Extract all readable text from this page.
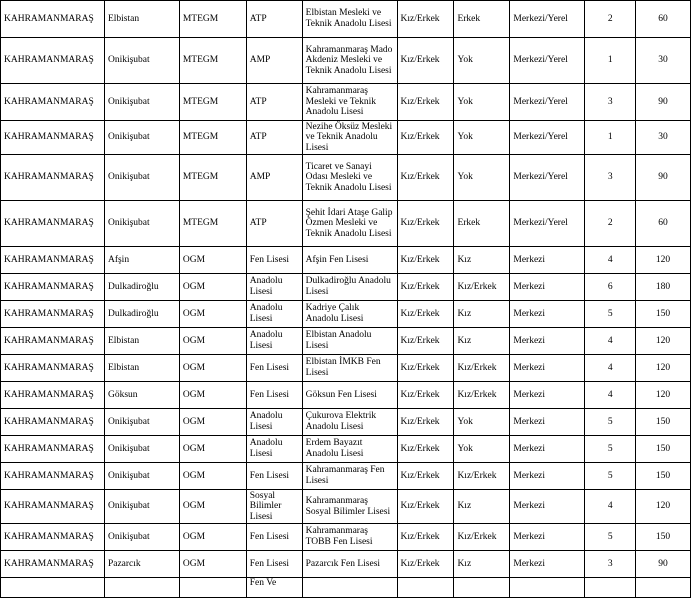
KAHRAMANMARAŞ	Elbistan	MTEGM	ATP	Elbistan Mesleki ve Teknik Anadolu Lisesi	Kız/Erkek	Erkek	Merkezi/Yerel	2	60
KAHRAMANMARAŞ	Onikişubat	MTEGM	AMP	Kahramanmaraş Mado Akdeniz Mesleki ve Teknik Anadolu Lisesi	Kız/Erkek	Yok	Merkezi/Yerel	1	30
KAHRAMANMARAŞ	Onikişubat	MTEGM	ATP	Kahramanmaraş Mesleki ve Teknik Anadolu Lisesi	Kız/Erkek	Yok	Merkezi/Yerel	3	90
KAHRAMANMARAŞ	Onikişubat	MTEGM	ATP	Nezihe Öksüz Mesleki ve Teknik Anadolu Lisesi	Kız/Erkek	Yok	Merkezi/Yerel	1	30
KAHRAMANMARAŞ	Onikişubat	MTEGM	AMP	Ticaret ve Sanayi Odası Mesleki ve Teknik Anadolu Lisesi	Kız/Erkek	Yok	Merkezi/Yerel	3	90
KAHRAMANMARAŞ	Onikişubat	MTEGM	ATP	Şehit İdari Ataşe Galip Özmen Mesleki ve Teknik Anadolu Lisesi	Kız/Erkek	Erkek	Merkezi/Yerel	2	60
KAHRAMANMARAŞ	Afşin	OGM	Fen Lisesi	Afşin Fen Lisesi	Kız/Erkek	Kız	Merkezi	4	120
KAHRAMANMARAŞ	Dulkadiroğlu	OGM	Anadolu Lisesi	Dulkadiroğlu Anadolu Lisesi	Kız/Erkek	Kız/Erkek	Merkezi	6	180
KAHRAMANMARAŞ	Dulkadiroğlu	OGM	Anadolu Lisesi	Kadriye Çalık Anadolu Lisesi	Kız/Erkek	Kız	Merkezi	5	150
KAHRAMANMARAŞ	Elbistan	OGM	Anadolu Lisesi	Elbistan Anadolu Lisesi	Kız/Erkek	Kız	Merkezi	4	120
KAHRAMANMARAŞ	Elbistan	OGM	Fen Lisesi	Elbistan İMKB Fen Lisesi	Kız/Erkek	Kız/Erkek	Merkezi	4	120
KAHRAMANMARAŞ	Göksun	OGM	Fen Lisesi	Göksun Fen Lisesi	Kız/Erkek	Kız/Erkek	Merkezi	4	120
KAHRAMANMARAŞ	Onikişubat	OGM	Anadolu Lisesi	Çukurova Elektrik Anadolu Lisesi	Kız/Erkek	Yok	Merkezi	5	150
KAHRAMANMARAŞ	Onikişubat	OGM	Anadolu Lisesi	Erdem Bayazıt Anadolu Lisesi	Kız/Erkek	Yok	Merkezi	5	150
KAHRAMANMARAŞ	Onikişubat	OGM	Fen Lisesi	Kahramanmaraş Fen Lisesi	Kız/Erkek	Kız/Erkek	Merkezi	5	150
KAHRAMANMARAŞ	Onikişubat	OGM	Sosyal Bilimler Lisesi	Kahramanmaraş Sosyal Bilimler Lisesi	Kız/Erkek	Kız	Merkezi	4	120
KAHRAMANMARAŞ	Onikişubat	OGM	Fen Lisesi	Kahramanmaraş TOBB Fen Lisesi	Kız/Erkek	Kız/Erkek	Merkezi	5	150
KAHRAMANMARAŞ	Pazarcık	OGM	Fen Lisesi	Pazarcık Fen Lisesi	Kız/Erkek	Kız	Merkezi	3	90
			Fen Ve						
